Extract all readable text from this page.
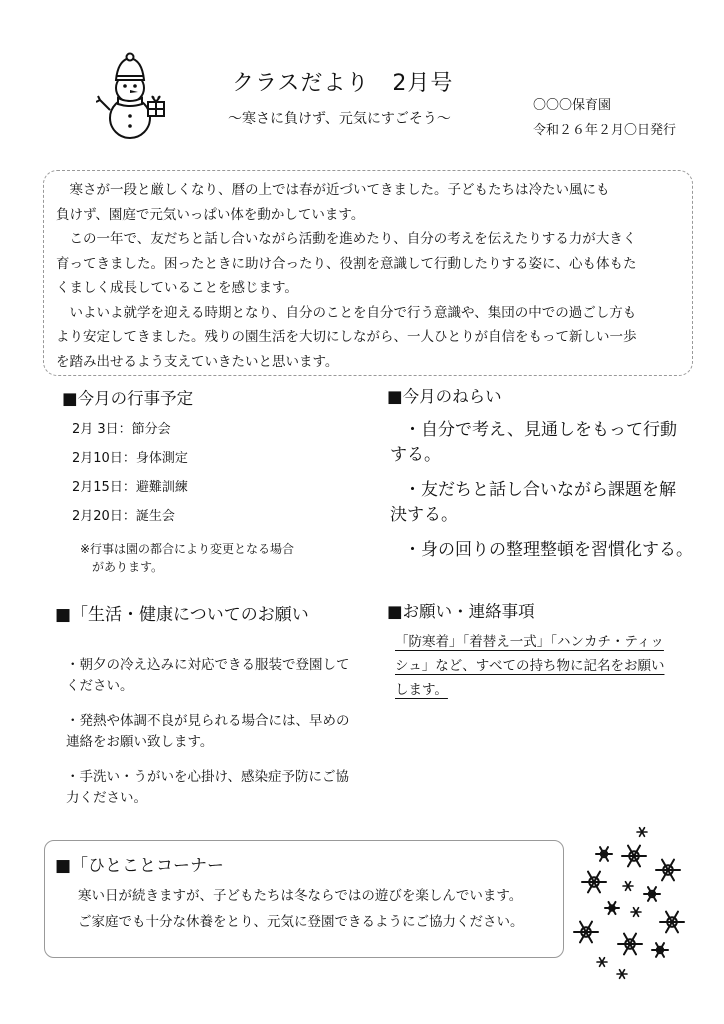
クラスだより　2月号
〜寒さに負けず、元気にすごそう〜
〇〇〇保育園
令和２６年２月〇日発行
　寒さが一段と厳しくなり、暦の上では春が近づいてきました。子どもたちは冷たい風にも
負けず、園庭で元気いっぱい体を動かしています。
　この一年で、友だちと話し合いながら活動を進めたり、自分の考えを伝えたりする力が大きく
育ってきました。困ったときに助け合ったり、役割を意識して行動したりする姿に、心も体もた
くましく成長していることを感じます。
　いよいよ就学を迎える時期となり、自分のことを自分で行う意識や、集団の中での過ごし方も
より安定してきました。残りの園生活を大切にしながら、一人ひとりが自信をもって新しい一歩
を踏み出せるよう支えていきたいと思います。
■今月の行事予定
2月 3日：節分会
2月10日：身体測定
2月15日：避難訓練
2月20日：誕生会
※行事は園の都合により変更となる場合
　があります。
■今月のねらい
・自分で考え、見通しをもって行動
する。
・友だちと話し合いながら課題を解
決する。
・身の回りの整理整頓を習慣化する。
■「生活・健康についてのお願い
・朝夕の冷え込みに対応できる服装で登園して
ください。
・発熱や体調不良が見られる場合には、早めの
連絡をお願い致します。
・手洗い・うがいを心掛け、感染症予防にご協
力ください。
■お願い・連絡事項
「防寒着」「着替え一式」「ハンカチ・ティッ
シュ」など、すべての持ち物に記名をお願い
します。
■「ひとことコーナー
寒い日が続きますが、子どもたちは冬ならではの遊びを楽しんでいます。
ご家庭でも十分な休養をとり、元気に登園できるようにご協力ください。
